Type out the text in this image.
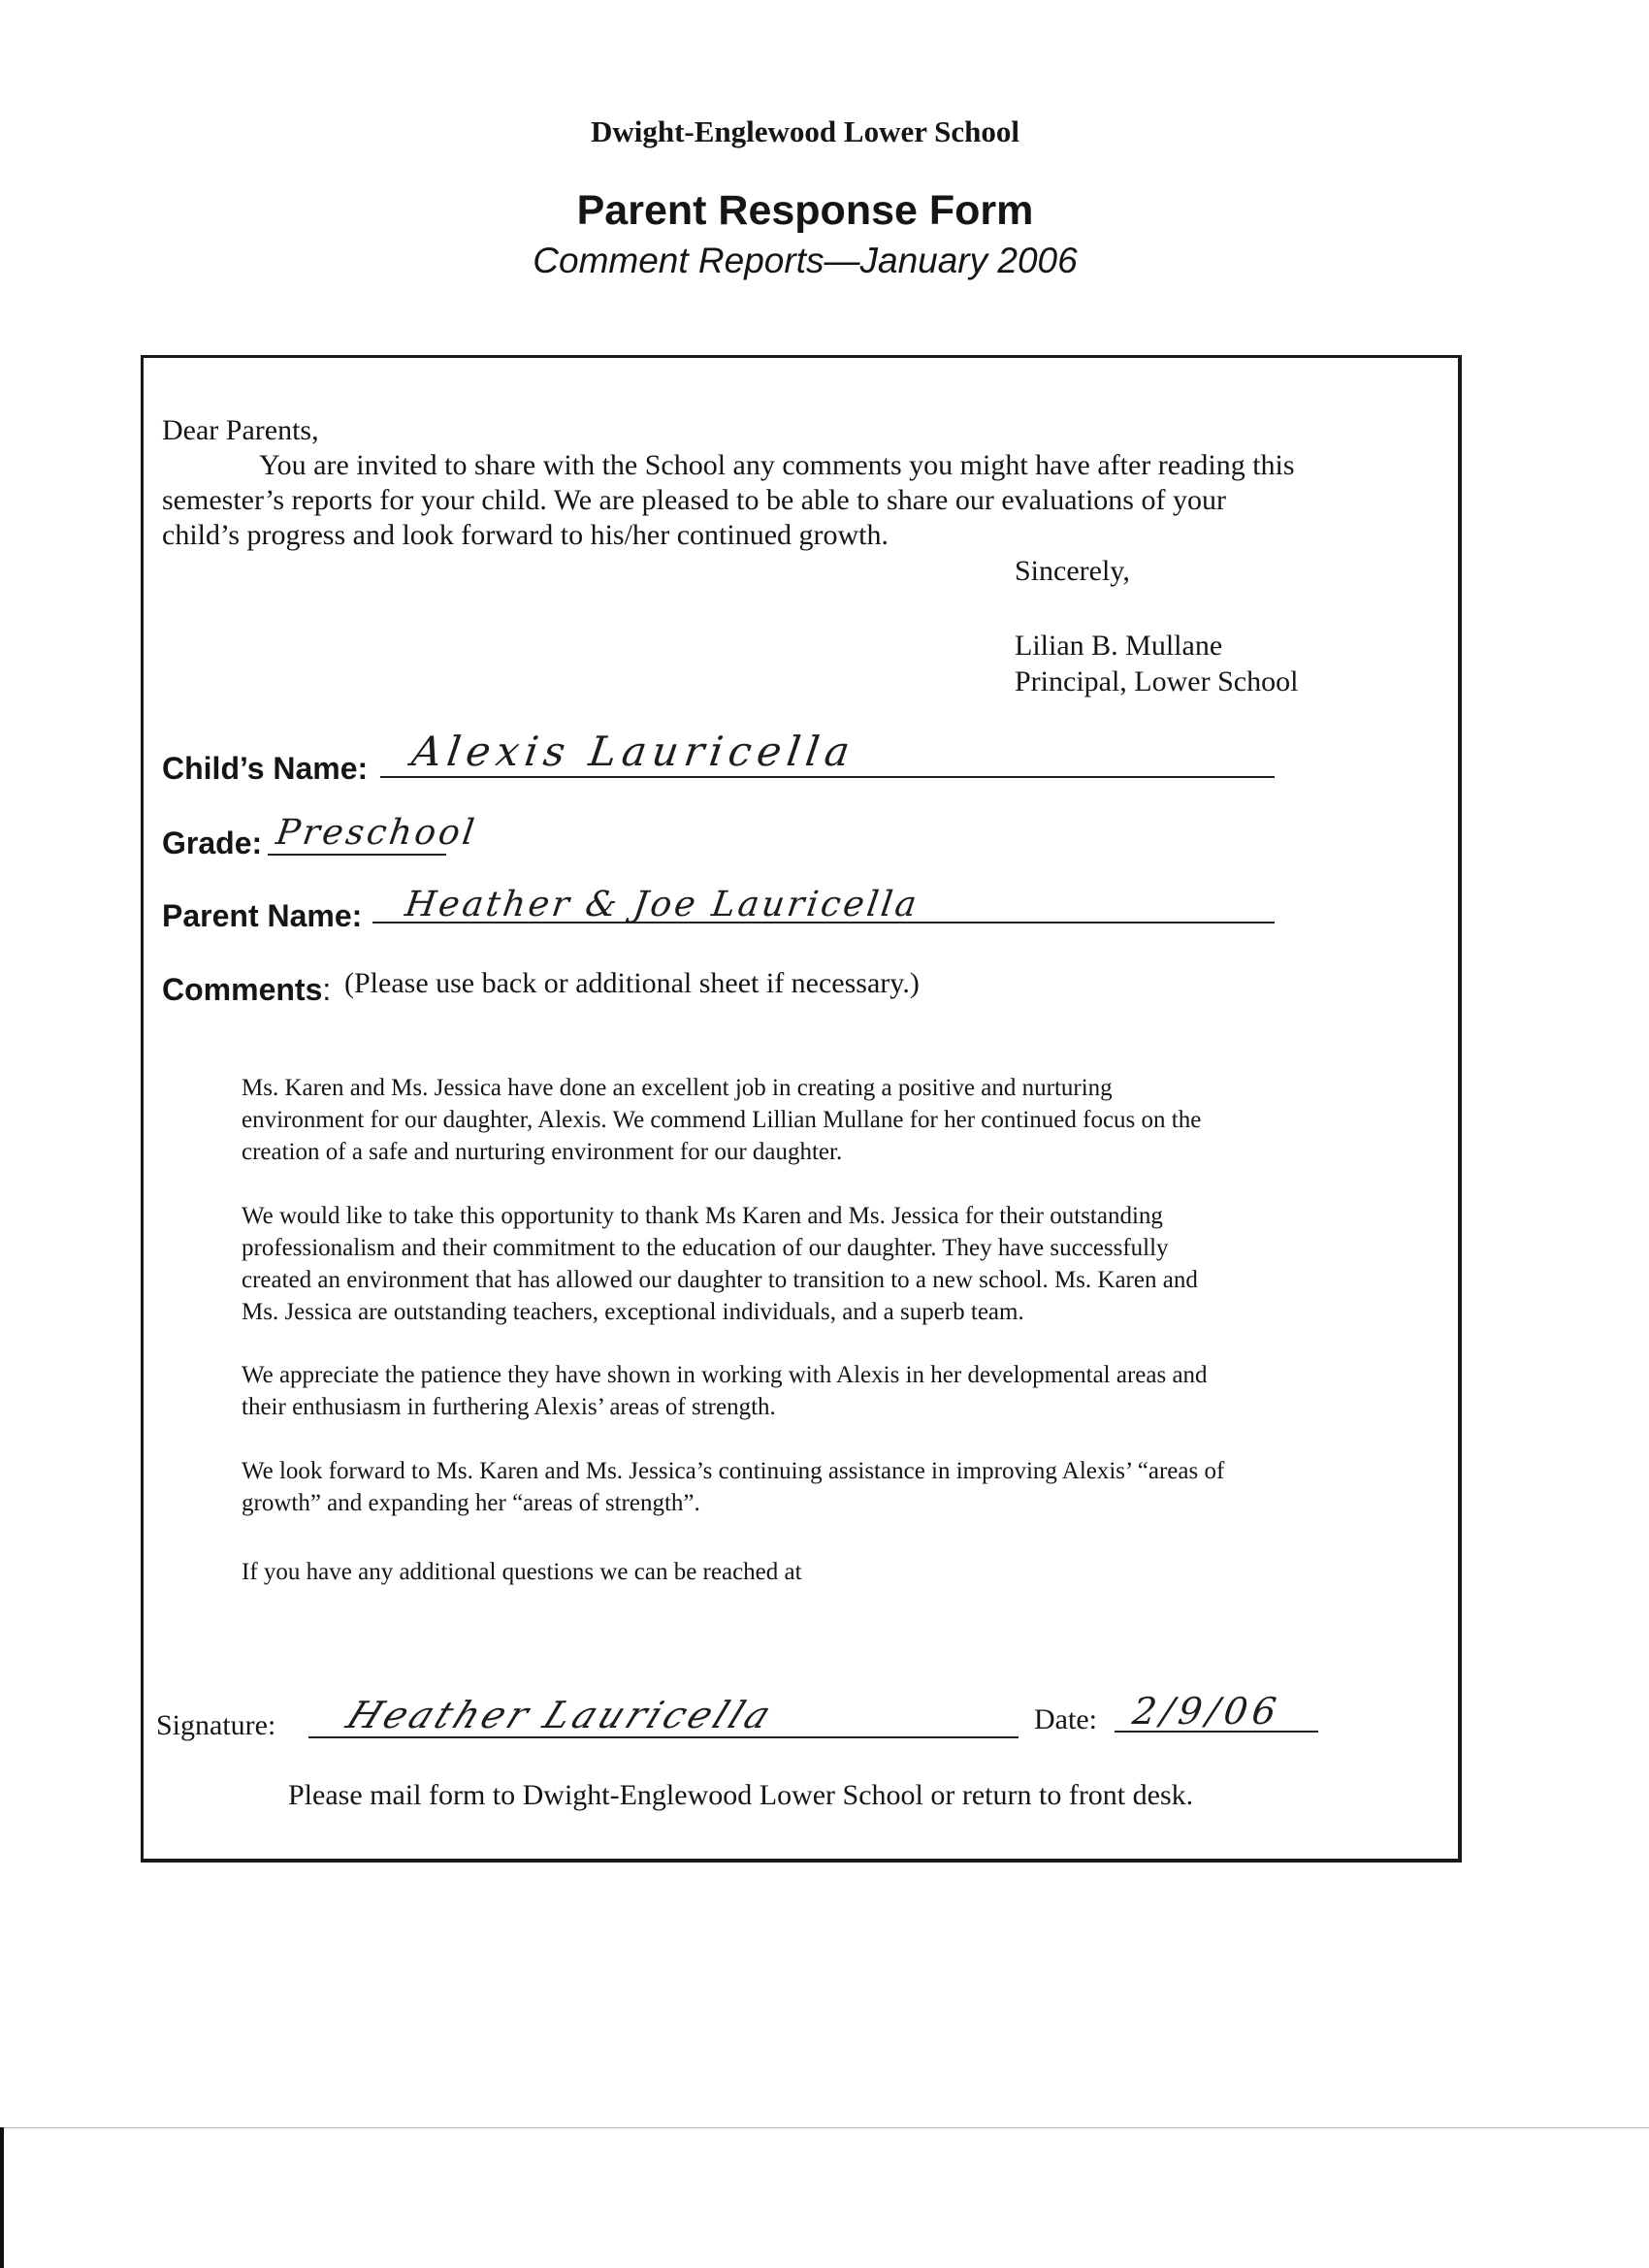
Dwight-Englewood Lower School
Parent Response Form
Comment Reports—January 2006
Dear Parents,
You are invited to share with the School any comments you might have after reading this
semester’s reports for your child. We are pleased to be able to share our evaluations of your
child’s progress and look forward to his/her continued growth.
Sincerely,
Lilian B. Mullane
Principal, Lower School
Child’s Name: Alexis Lauricella
Grade: Preschool
Parent Name: Heather & Joe Lauricella
Comments: (Please use back or additional sheet if necessary.)
Ms. Karen and Ms. Jessica have done an excellent job in creating a positive and nurturing
environment for our daughter, Alexis. We commend Lillian Mullane for her continued focus on the
creation of a safe and nurturing environment for our daughter.
We would like to take this opportunity to thank Ms Karen and Ms. Jessica for their outstanding
professionalism and their commitment to the education of our daughter. They have successfully
created an environment that has allowed our daughter to transition to a new school. Ms. Karen and
Ms. Jessica are outstanding teachers, exceptional individuals, and a superb team.
We appreciate the patience they have shown in working with Alexis in her developmental areas and
their enthusiasm in furthering Alexis’ areas of strength.
We look forward to Ms. Karen and Ms. Jessica’s continuing assistance in improving Alexis’ “areas of
growth” and expanding her “areas of strength”.
If you have any additional questions we can be reached at
Signature: Heather Lauricella	Date: 2/9/06
Please mail form to Dwight-Englewood Lower School or return to front desk.
